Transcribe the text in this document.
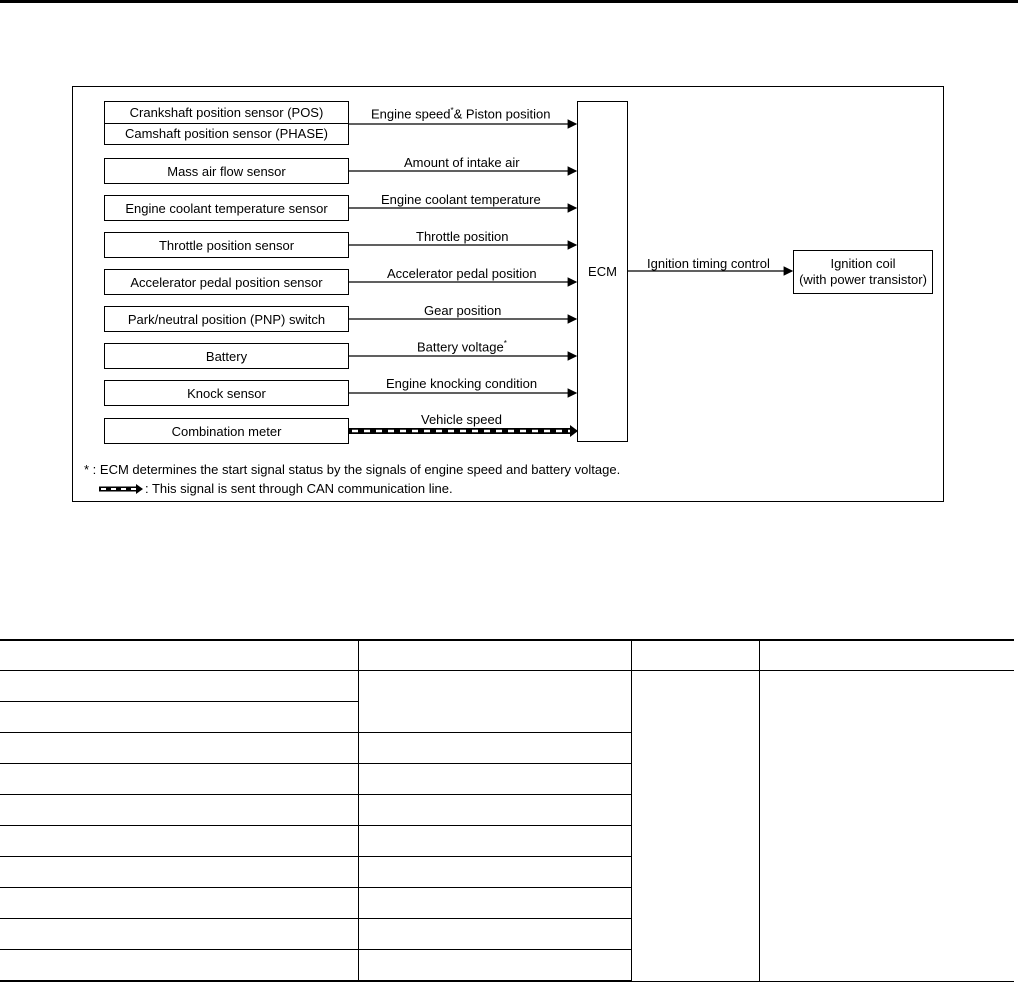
Crankshaft position sensor (POS)
Camshaft position sensor (PHASE)
Mass air flow sensor
Engine coolant temperature sensor
Throttle position sensor
Accelerator pedal position sensor
Park/neutral position (PNP) switch
Battery
Knock sensor
Combination meter
Engine speed*& Piston position
Amount of intake air
Engine coolant temperature
Throttle position
Accelerator pedal position
Gear position
Battery voltage*
Engine knocking condition
Vehicle speed
ECM
Ignition timing control	Ignition coil
(with power transistor)
* : ECM determines the start signal status by the signals of engine speed and battery voltage.
: This signal is sent through CAN communication line.
